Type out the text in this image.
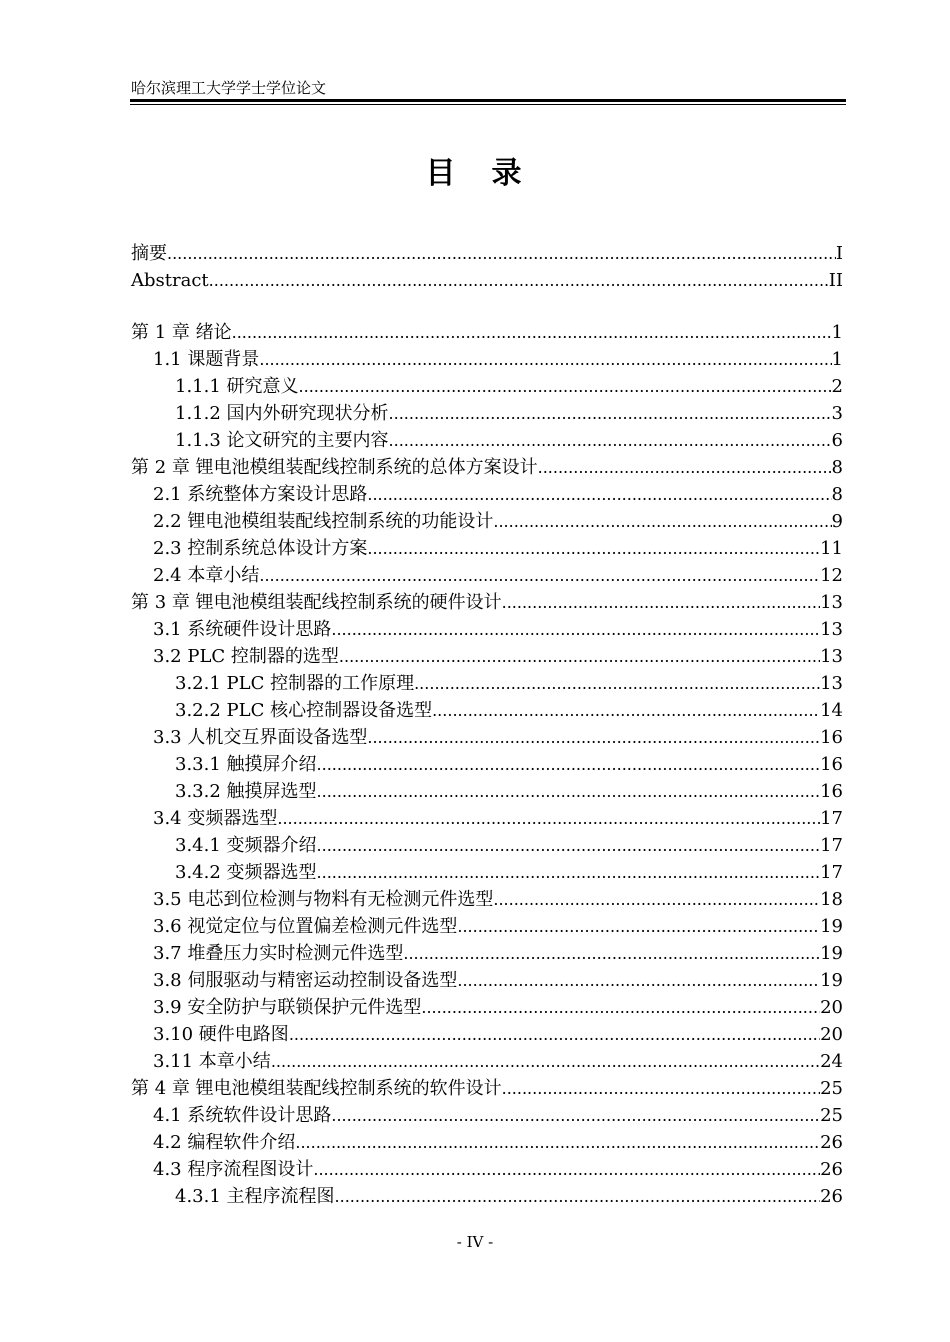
哈尔滨理工大学学士学位论文
目　录
摘要 .....	I
Abstract .....	II
第 1 章 绪论 .....	1
1.1 课题背景 .....	1
1.1.1 研究意义 .....	2
1.1.2 国内外研究现状分析 .....	3
1.1.3 论文研究的主要内容 .....	6
第 2 章 锂电池模组装配线控制系统的总体方案设计 .....	8
2.1 系统整体方案设计思路 .....	8
2.2 锂电池模组装配线控制系统的功能设计 .....	9
2.3 控制系统总体设计方案 .....	11
2.4 本章小结 .....	12
第 3 章 锂电池模组装配线控制系统的硬件设计 .....	13
3.1 系统硬件设计思路 .....	13
3.2 PLC 控制器的选型 .....	13
3.2.1 PLC 控制器的工作原理 .....	13
3.2.2 PLC 核心控制器设备选型 .....	14
3.3 人机交互界面设备选型 .....	16
3.3.1 触摸屏介绍 .....	16
3.3.2 触摸屏选型 .....	16
3.4 变频器选型 .....	17
3.4.1 变频器介绍 .....	17
3.4.2 变频器选型 .....	17
3.5 电芯到位检测与物料有无检测元件选型 .....	18
3.6 视觉定位与位置偏差检测元件选型 .....	19
3.7 堆叠压力实时检测元件选型 .....	19
3.8 伺服驱动与精密运动控制设备选型 .....	19
3.9 安全防护与联锁保护元件选型 .....	20
3.10 硬件电路图 .....	20
3.11 本章小结 .....	24
第 4 章 锂电池模组装配线控制系统的软件设计 .....	25
4.1 系统软件设计思路 .....	25
4.2 编程软件介绍 .....	26
4.3 程序流程图设计 .....	26
4.3.1 主程序流程图 .....	26
- IV -
